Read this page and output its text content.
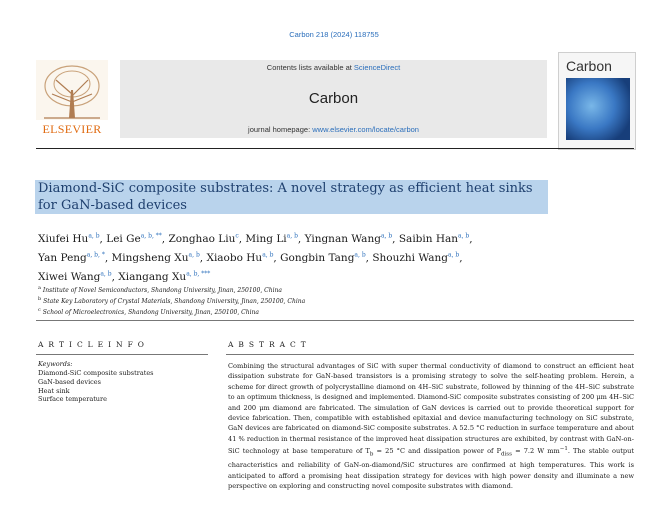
Carbon 218 (2024) 118755
Contents lists available at ScienceDirect
Carbon
journal homepage: www.elsevier.com/locate/carbon
ELSEVIER
Carbon
Diamond-SiC composite substrates: A novel strategy as efficient heat sinks
for GaN-based devices
Xiufei Hu$^{a, b}$, Lei $Ge^{a, b, **}$, Zonghao Liu$^c$, Ming Li$^{a, b}$, Yingnan Wang$^{a, b}$, Saibin Han$^{a, b}$,
Yan Peng$^{a, b, *}$, Mingsheng Xu$^{a, b}$, Xiaobo Hu$^{a, b}$, Gongbin Tang$^{a, b}$, Shouzhi Wang$^{a, b}$,
Xiwei Wang$^{a, b}$, Xiangang $Xu^{a, b, ***}$
$^a$ Institute of Novel Semiconductors, Shandong University, Jinan, 250100, China
$^b$ State Key Laboratory of Crystal Materials, Shandong University, Jinan, 250100, China
$^c$ School of Microelectronics, Shandong University, Jinan, 250100, China
A R T I C L E I N F O
Keywords:
Diamond-SiC composite substrates
GaN-based devices
Heat sink
Surface temperature
A B S T R A C T
Combining the structural advantages of SiC with super thermal conductivity of diamond to construct an efficient heat dissipation substrate for GaN-based transistors is a promising strategy to solve the self-heating problem. Herein, a scheme for direct growth of polycrystalline diamond on 4H–SiC substrate, followed by thinning of the 4H–SiC substrate to an optimum thickness, is designed and implemented. Diamond-SiC composite substrates consisting of 200 μm 4H–SiC and 200 μm diamond are fabricated. The simulation of GaN devices is carried out to provide theoretical support for device fabrication. Then, compatible with established epitaxial and device manufacturing technology on SiC substrate, GaN devices are fabricated on diamond-SiC composite substrates. A 52.5 °C reduction in surface temperature and about 41 % reduction in thermal resistance of the improved heat dissipation structures are exhibited, by contrast with GaN-on-SiC technology at base temperature of $T_b = 25$ °C and dissipation power of $P_{diss} = 7.2$ W $mm^{-1}$. The stable output characteristics and reliability of GaN-on-diamond/SiC structures are confirmed at high temperatures. This work is anticipated to afford a promising heat dissipation strategy for devices with high power density and illuminate a new perspective on exploring and constructing novel composite substrates with diamond.
